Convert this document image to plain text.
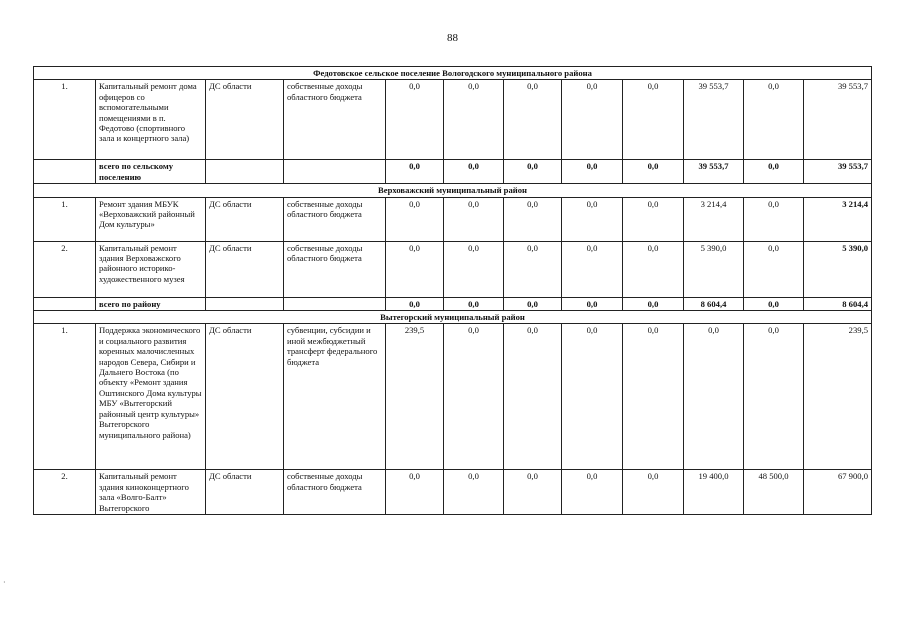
88
Федотовское сельское поселение Вологодского муниципального района											
1.	Капитальный ремонт дома офицеров со вспомогательными помещениями в п. Федотово (спортивного зала и концертного зала)	ДС области	собственные доходы областного бюджета	0,0	0,0	0,0	0,0	0,0	39 553,7	0,0	39 553,7
	всего по сельскому поселению			0,0	0,0	0,0	0,0	0,0	39 553,7	0,0	39 553,7
Верховажский муниципальный район											
1.	Ремонт здания МБУК «Верховажский районный Дом культуры»	ДС области	собственные доходы областного бюджета	0,0	0,0	0,0	0,0	0,0	3 214,4	0,0	3 214,4
2.	Капитальный ремонт здания Верховажского районного историко-художественного музея	ДС области	собственные доходы областного бюджета	0,0	0,0	0,0	0,0	0,0	5 390,0	0,0	5 390,0
	всего по району			0,0	0,0	0,0	0,0	0,0	8 604,4	0,0	8 604,4
Вытегорский муниципальный район											
1.	Поддержка экономического и социального развития коренных малочисленных народов Севера, Сибири и Дальнего Востока (по объекту «Ремонт здания Оштинского Дома культуры МБУ «Вытегорский районный центр культуры» Вытегорского муниципального района)	ДС области	субвенции, субсидии и иной межбюджетный трансферт федерального бюджета	239,5	0,0	0,0	0,0	0,0	0,0	0,0	239,5
2.	Капитальный ремонт здания киноконцертного зала «Волго-Балт» Вытегорского	ДС области	собственные доходы областного бюджета	0,0	0,0	0,0	0,0	0,0	19 400,0	48 500,0	67 900,0
·
